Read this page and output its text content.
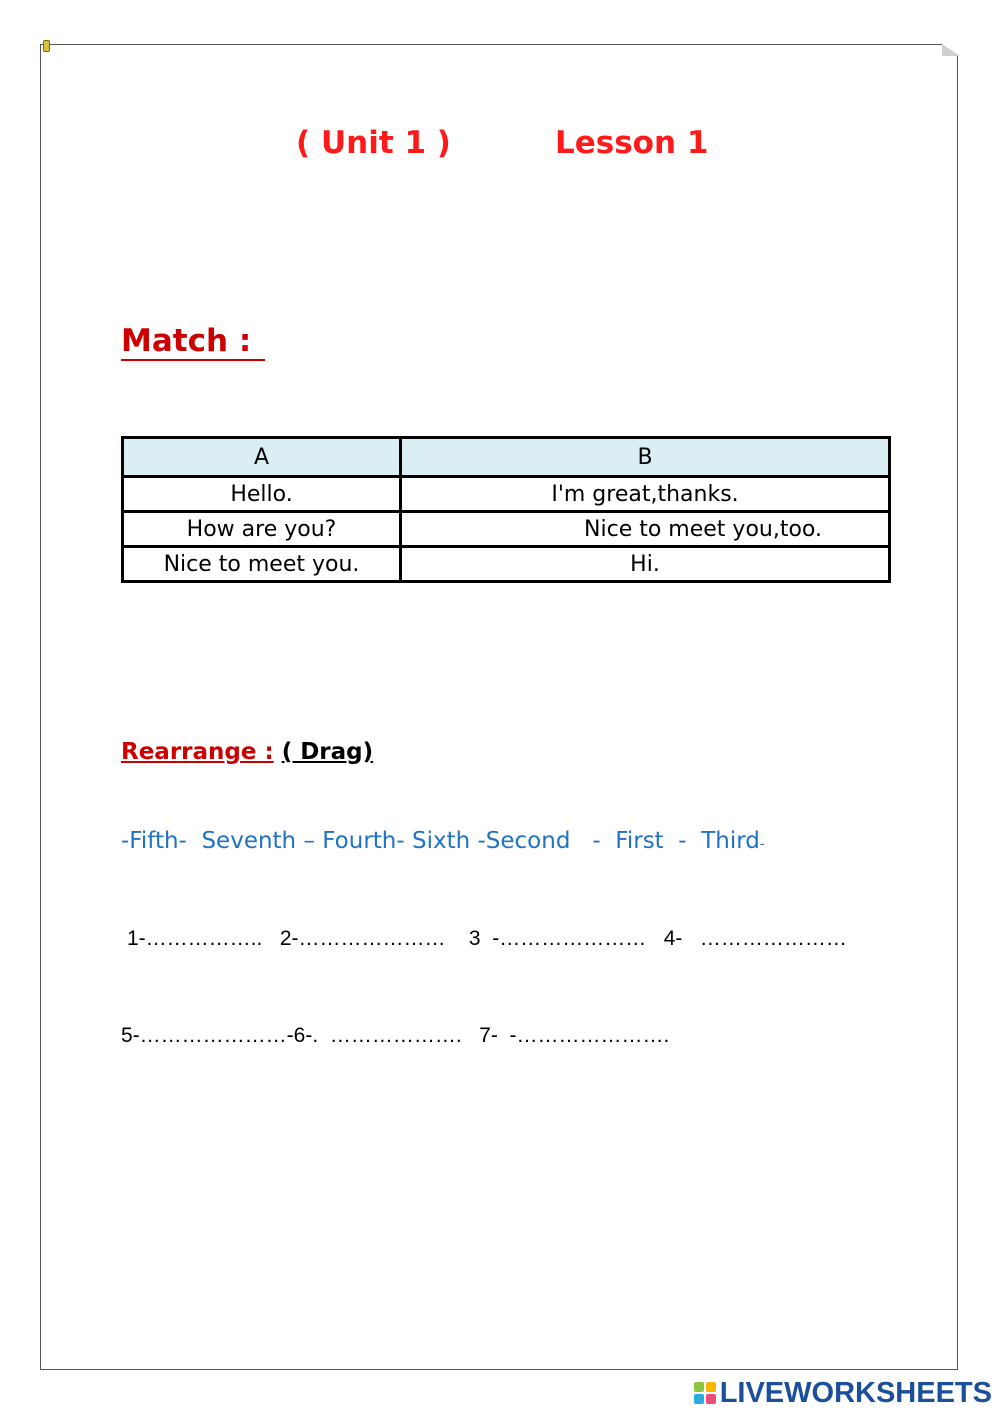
( Unit 1 )	Lesson 1
Match :
A	B
Hello.	I'm great,thanks.
How are you?	Nice to meet you,too.
Nice to meet you.	Hi.
Rearrange : ( Drag)
-Fifth-  Seventh – Fourth- Sixth -Second   -  First  -  Third-
1-……………..   2-…………………    3  -…………………   4-   …………………
5-…………………-6-.  ……………….   7-  -………………….
LIVEWORKSHEETS
